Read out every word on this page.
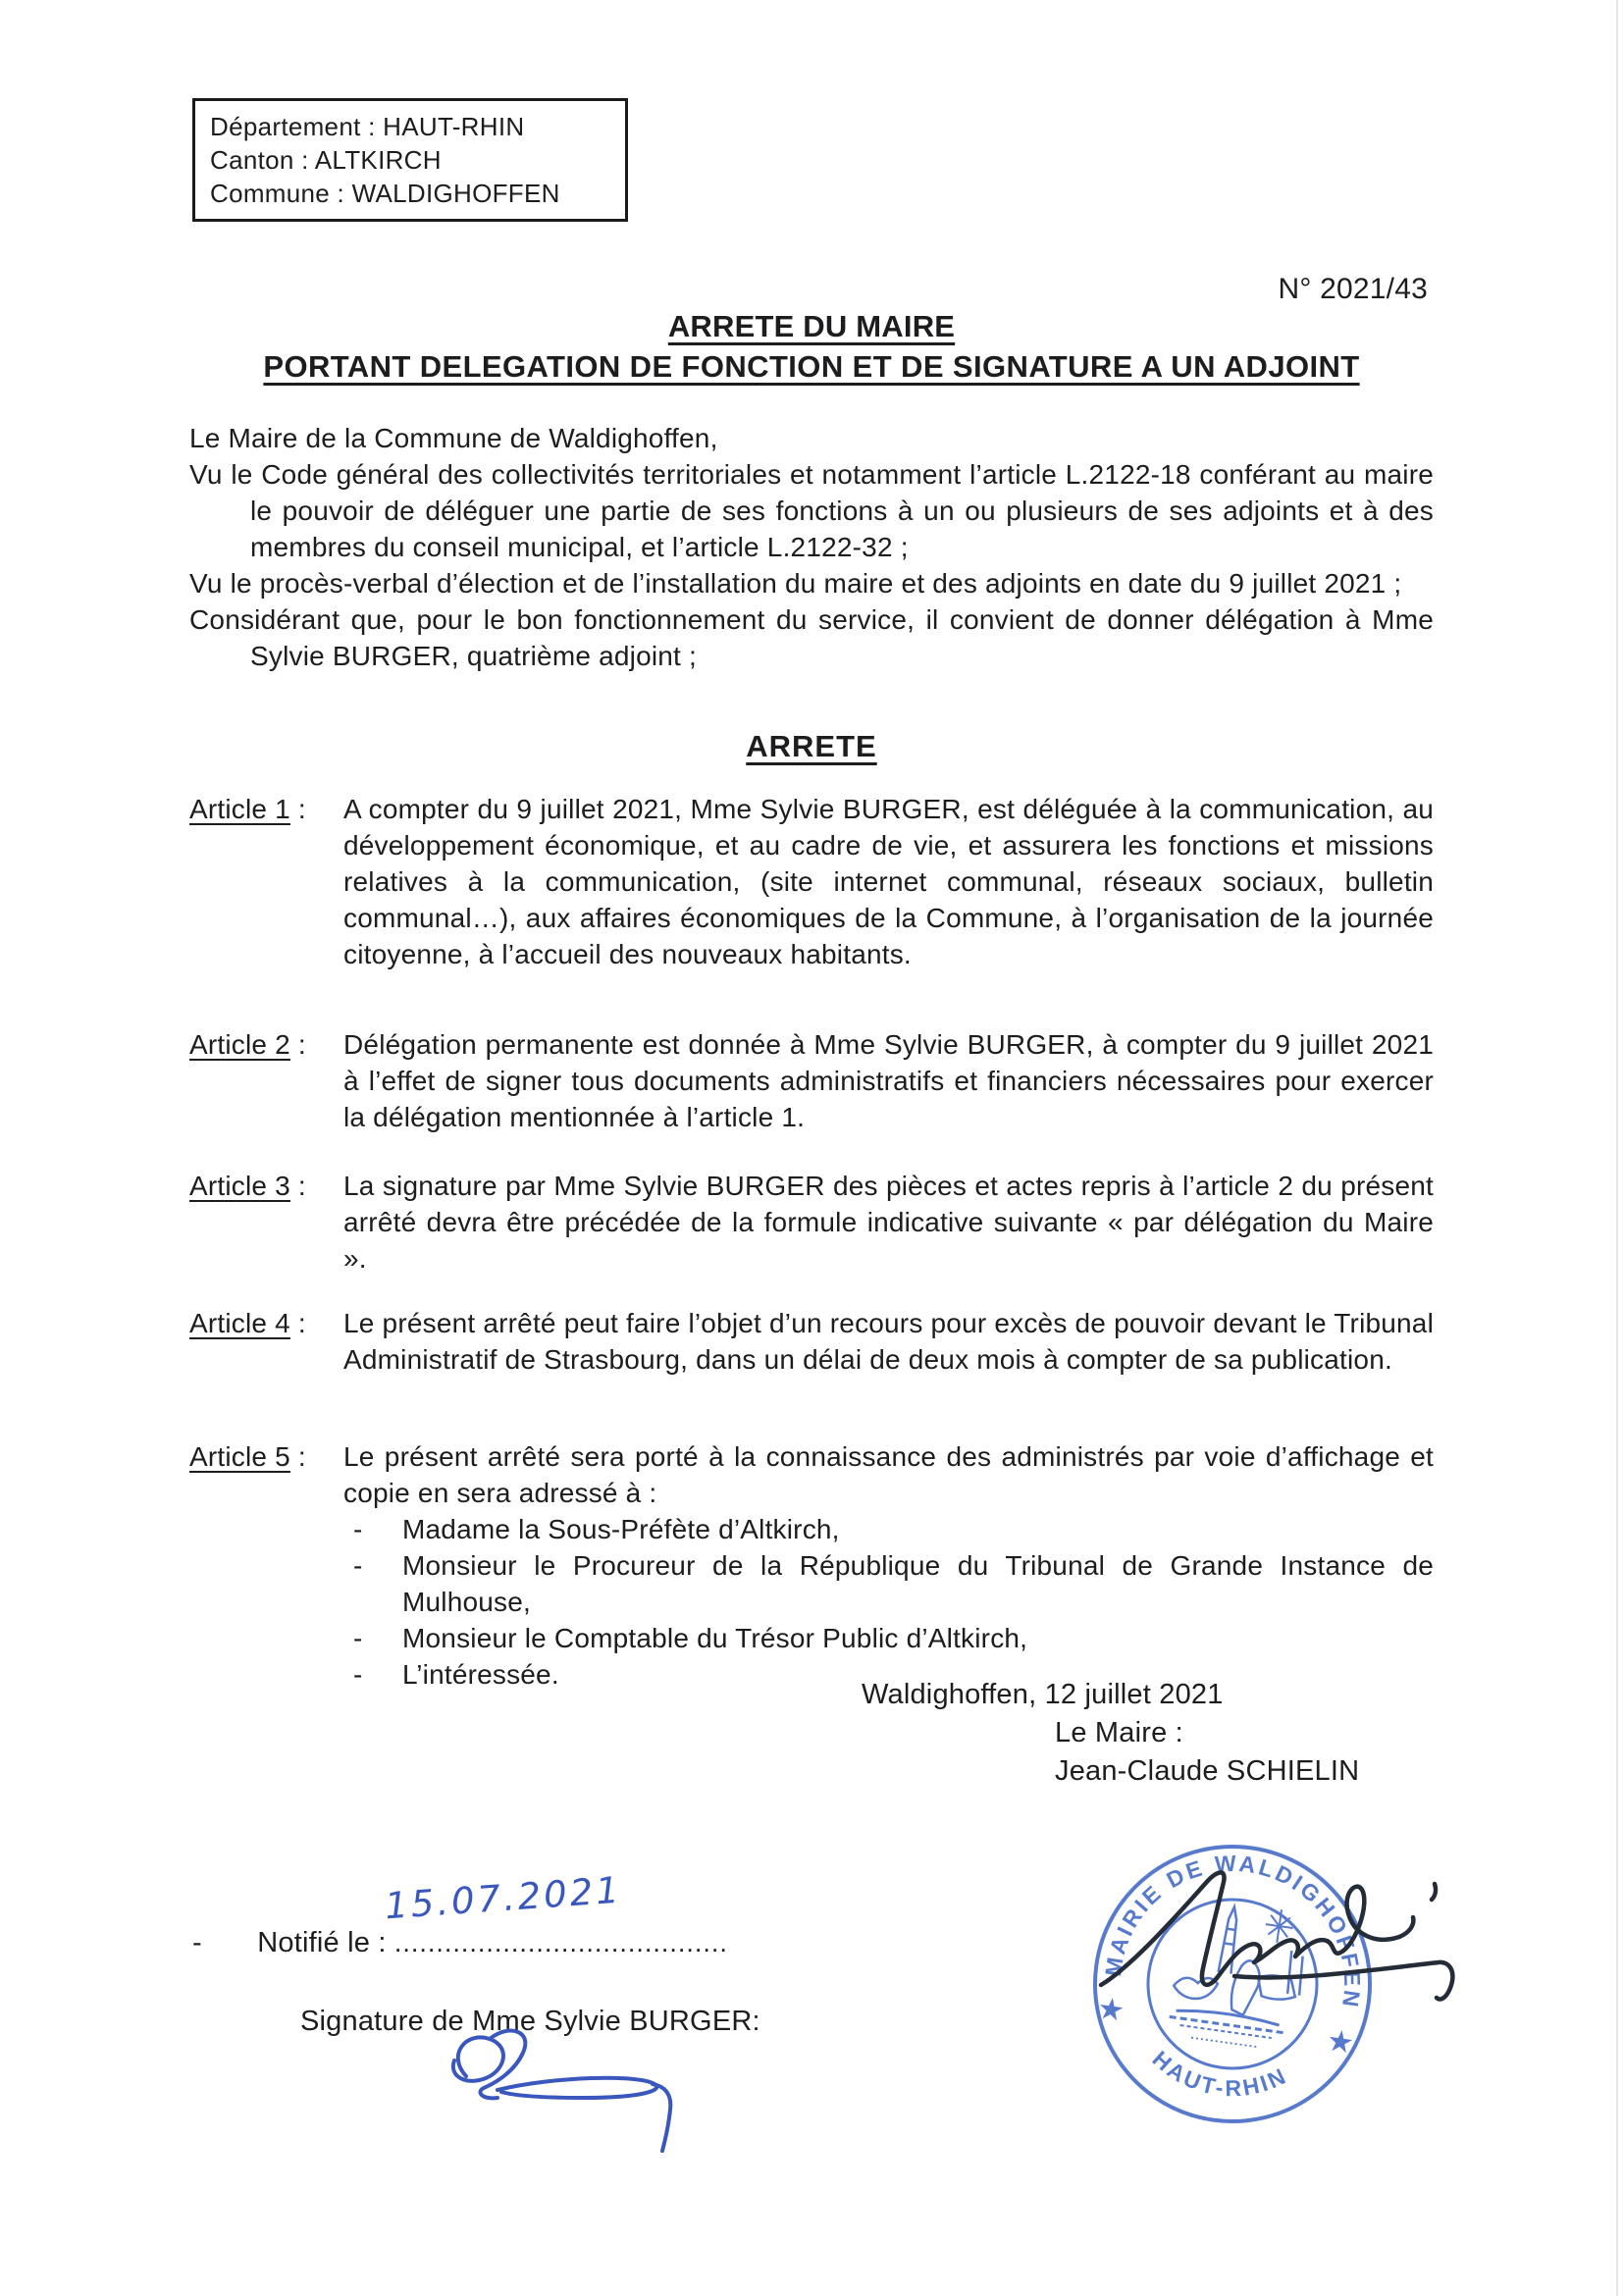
Département : HAUT-RHIN
Canton : ALTKIRCH
Commune : WALDIGHOFFEN
N° 2021/43
ARRETE DU MAIRE
PORTANT DELEGATION DE FONCTION ET DE SIGNATURE A UN ADJOINT

Le Maire de la Commune de Waldighoffen,

Vu le Code général des collectivités territoriales et notamment l’article L.2122-18 conférant au maire le pouvoir de déléguer une partie de ses fonctions à un ou plusieurs de ses adjoints et à des membres du conseil municipal, et l’article L.2122-32 ;

Vu le procès-verbal d’élection et de l’installation du maire et des adjoints en date du 9 juillet 2021 ;

Considérant que, pour le bon fonctionnement du service, il convient de donner délégation à Mme Sylvie BURGER, quatrième adjoint ;

ARRETE
Article 1 : A compter du 9 juillet 2021, Mme Sylvie BURGER, est déléguée à la communication, au développement économique, et au cadre de vie, et assurera les fonctions et missions relatives à la communication, (site internet communal, réseaux sociaux, bulletin communal…), aux affaires économiques de la Commune, à l’organisation de la journée citoyenne, à l’accueil des nouveaux habitants.
Article 2 : Délégation permanente est donnée à Mme Sylvie BURGER, à compter du 9 juillet 2021 à l’effet de signer tous documents administratifs et financiers nécessaires pour exercer la délégation mentionnée à l’article 1.
Article 3 : La signature par Mme Sylvie BURGER des pièces et actes repris à l’article 2 du présent arrêté devra être précédée de la formule indicative suivante « par délégation du Maire ».
Article 4 : Le présent arrêté peut faire l’objet d’un recours pour excès de pouvoir devant le Tribunal Administratif de Strasbourg, dans un délai de deux mois à compter de sa publication.
Article 5 : Le présent arrêté sera porté à la connaissance des administrés par voie d’affichage et copie en sera adressé à :

- Madame la Sous-Préfète d’Altkirch,
- Monsieur le Procureur de la République du Tribunal de Grande Instance de Mulhouse,
- Monsieur le Comptable du Trésor Public d’Altkirch,
- L’intéressée.
Waldighoffen, 12 juillet 2021
Le Maire :
Jean-Claude SCHIELIN
MAIRIE DE WALDIGHOFFEN
HAUT-RHIN
★
★
- Notifié le : ........................................
15.07.2021
Signature de Mme Sylvie BURGER:
